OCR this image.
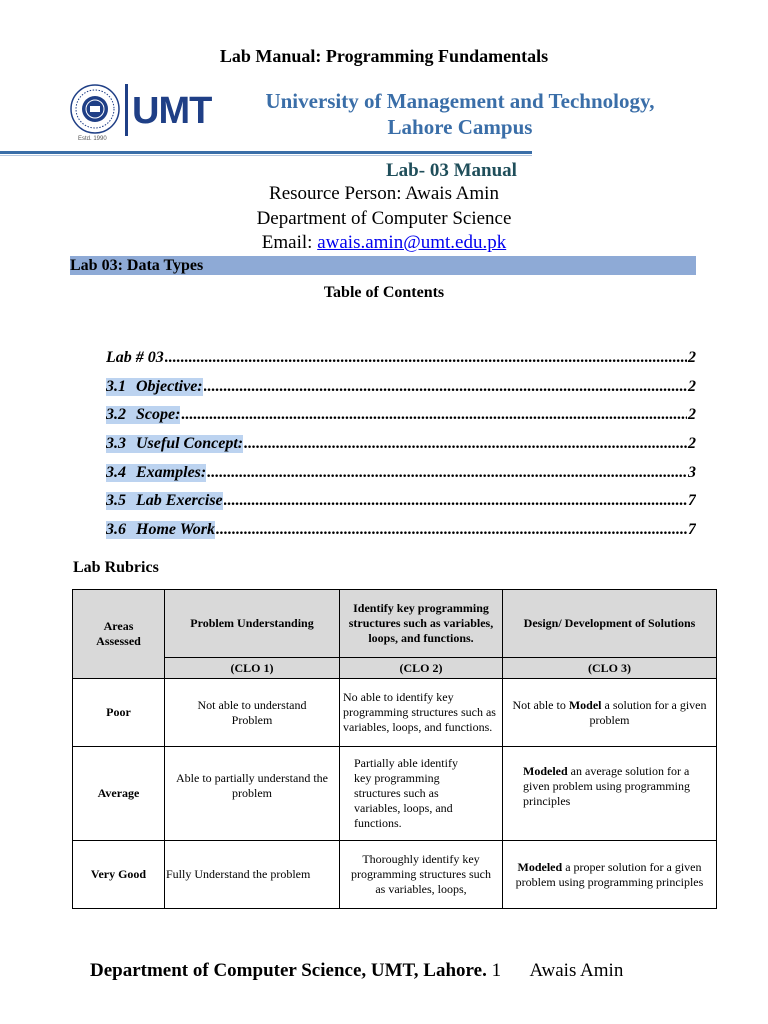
Lab Manual: Programming Fundamentals
Estd. 1990
UMT	University of Management and Technology,
Lahore Campus
Lab- 03 Manual
Resource Person: Awais Amin
Department of Computer Science
Email: awais.amin@umt.edu.pk
Lab 03: Data Types
Table of Contents
Lab # 03 .....	2
3.1 Objective: .....	2
3.2 Scope: .....	2
3.3 Useful Concept: .....	2
3.4 Examples: .....	3
3.5 Lab Exercise .....	7
3.6 Home Work .....	7
Lab Rubrics
Areas Assessed	Problem Understanding	Identify key programming structures such as variables, loops, and functions.	Design/ Development of Solutions
	(CLO 1)	(CLO 2)	(CLO 3)
Poor	Not able to understand Problem	No able to identify key programming structures such as variables, loops, and functions.	Not able to Model a solution for a given problem
Average	Able to partially understand the problem	Partially able identify key programming structures such as variables, loops, and functions.	Modeled an average solution for a given problem using programming principles
Very Good	Fully Understand the problem	Thoroughly identify key programming structures such as variables, loops,	Modeled a proper solution for a given problem using programming principles
Department of Computer Science, UMT, Lahore. 1 Awais Amin
